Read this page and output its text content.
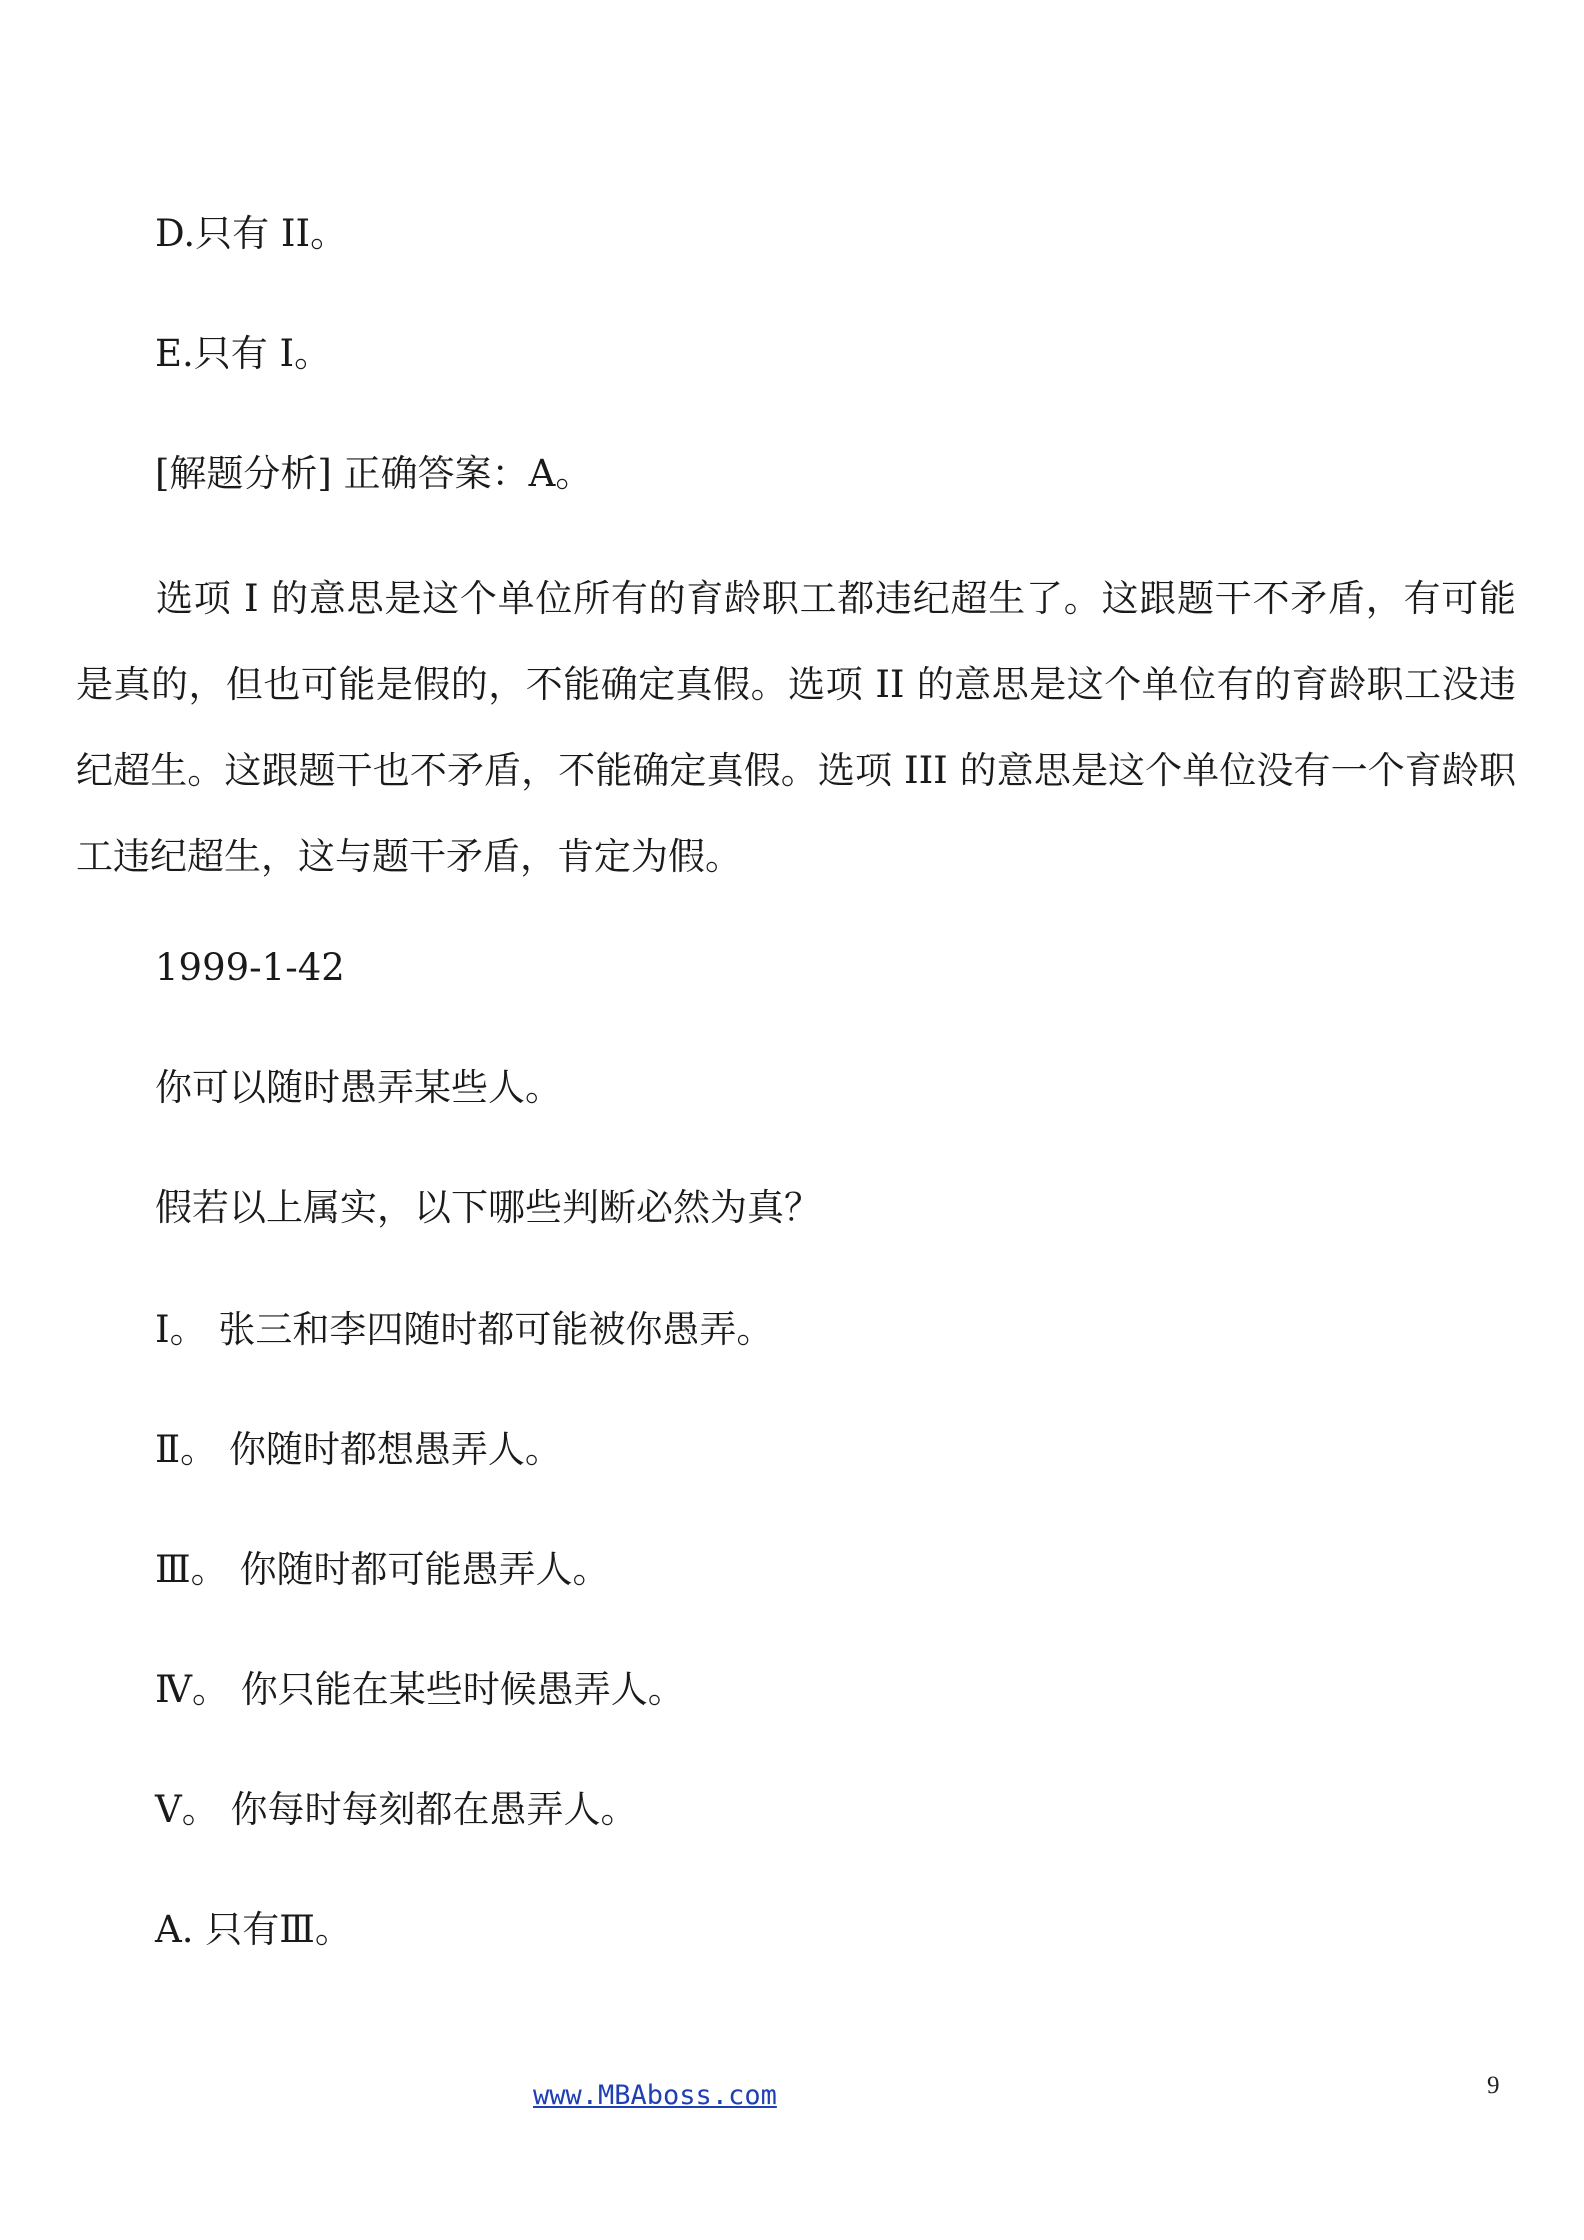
D.只有 II。

E.只有 I。

[解题分析] 正确答案：A。

选项 I 的意思是这个单位所有的育龄职工都违纪超生了。这跟题干不矛盾，有可能是真的，但也可能是假的，不能确定真假。选项 II 的意思是这个单位有的育龄职工没违纪超生。这跟题干也不矛盾，不能确定真假。选项 III 的意思是这个单位没有一个育龄职工违纪超生，这与题干矛盾，肯定为假。

1999-1-42

你可以随时愚弄某些人。

假若以上属实，以下哪些判断必然为真？

Ⅰ。 张三和李四随时都可能被你愚弄。

Ⅱ。 你随时都想愚弄人。

Ⅲ。 你随时都可能愚弄人。

Ⅳ。 你只能在某些时候愚弄人。

Ⅴ。 你每时每刻都在愚弄人。

A. 只有Ⅲ。

www.MBAboss.com	9
